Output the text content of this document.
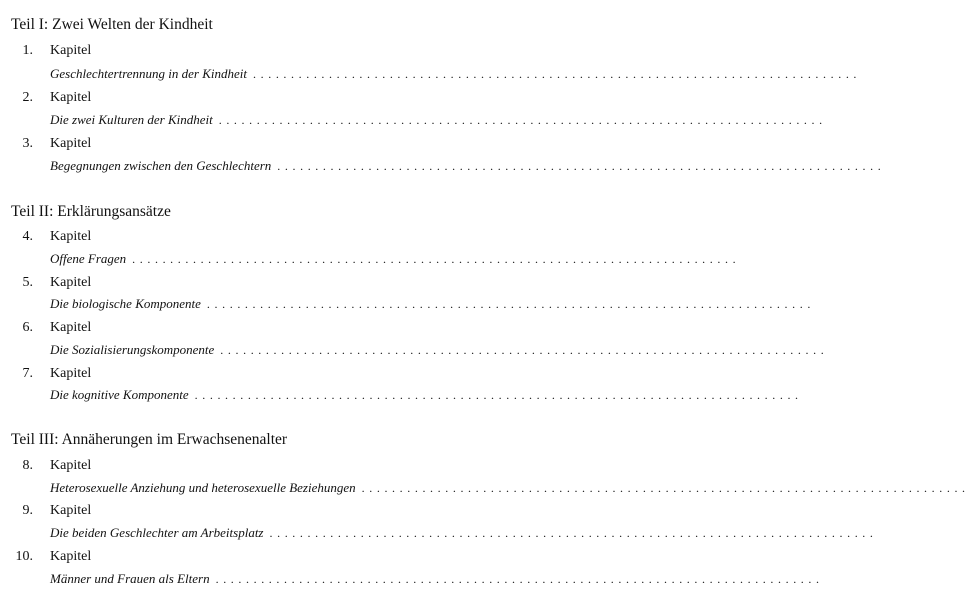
Teil I: Zwei Welten der Kindheit
1. Kapitel
Geschlechtertrennung in der Kindheit ................................................................................
2. Kapitel
Die zwei Kulturen der Kindheit ................................................................................
3. Kapitel
Begegnungen zwischen den Geschlechtern ................................................................................
Teil II: Erklärungsansätze
4. Kapitel
Offene Fragen ................................................................................
5. Kapitel
Die biologische Komponente ................................................................................
6. Kapitel
Die Sozialisierungskomponente ................................................................................
7. Kapitel
Die kognitive Komponente ................................................................................
Teil III: Annäherungen im Erwachsenenalter
8. Kapitel
Heterosexuelle Anziehung und heterosexuelle Beziehungen ................................................................................
9. Kapitel
Die beiden Geschlechter am Arbeitsplatz ................................................................................
10. Kapitel
Männer und Frauen als Eltern ................................................................................
